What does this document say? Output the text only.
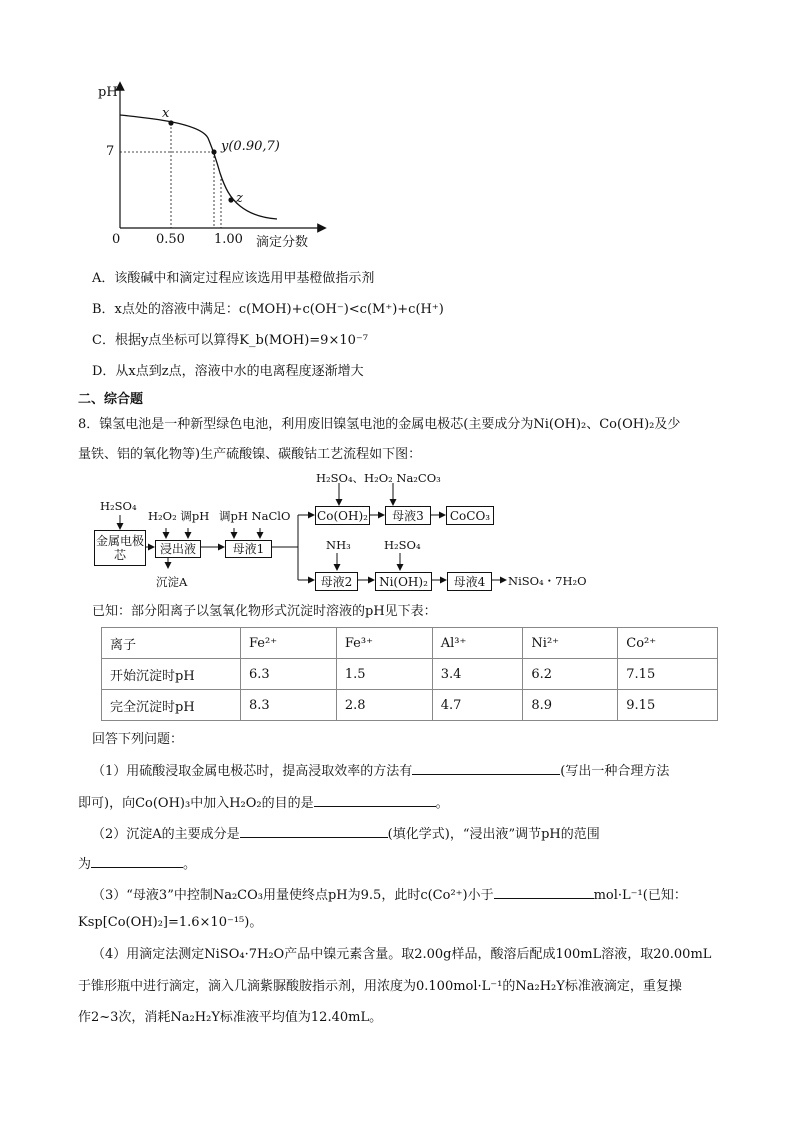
pH
7
x
y(0.90,7)
z
0	0.50 1.00 滴定分数
A．该酸碱中和滴定过程应该选用甲基橙做指示剂
B．x点处的溶液中满足：c(MOH)+c(OH⁻)<c(M⁺)+c(H⁺)
C．根据y点坐标可以算得K_b(MOH)=9×10⁻⁷
D．从x点到z点，溶液中水的电离程度逐渐增大
二、综合题
8．镍氢电池是一种新型绿色电池，利用废旧镍氢电池的金属电极芯(主要成分为Ni(OH)₂、Co(OH)₂及少
量铁、铝的氧化物等)生产硫酸镍、碳酸钴工艺流程如下图：
H₂SO₄
H₂O₂ 调pH 调pH NaClO
H₂SO₄、H₂O₂ Na₂CO₃
NH₃	H₂SO₄
金属电极芯	浸出液	母液1
Co(OH)₂	母液3	CoCO₃
母液2	Ni(OH)₂	母液4	NiSO₄・7H₂O
沉淀A
已知：部分阳离子以氢氧化物形式沉淀时溶液的pH见下表：
离子	Fe²⁺	Fe³⁺	Al³⁺	Ni²⁺	Co²⁺
开始沉淀时pH	6.3	1.5	3.4	6.2	7.15
完全沉淀时pH	8.3	2.8	4.7	8.9	9.15
回答下列问题：
（1）用硫酸浸取金属电极芯时，提高浸取效率的方法有	(写出一种合理方法
即可)，向Co(OH)₃中加入H₂O₂的目的是	。
（2）沉淀A的主要成分是	(填化学式)，“浸出液”调节pH的范围
为	。
（3）“母液3”中控制Na₂CO₃用量使终点pH为9.5，此时c(Co²⁺)小于	mol·L⁻¹(已知：
Ksp[Co(OH)₂]=1.6×10⁻¹⁵)。
（4）用滴定法测定NiSO₄·7H₂O产品中镍元素含量。取2.00g样品，酸溶后配成100mL溶液，取20.00mL
于锥形瓶中进行滴定，滴入几滴紫脲酸胺指示剂，用浓度为0.100mol·L⁻¹的Na₂H₂Y标准液滴定，重复操
作2~3次，消耗Na₂H₂Y标准液平均值为12.40mL。
